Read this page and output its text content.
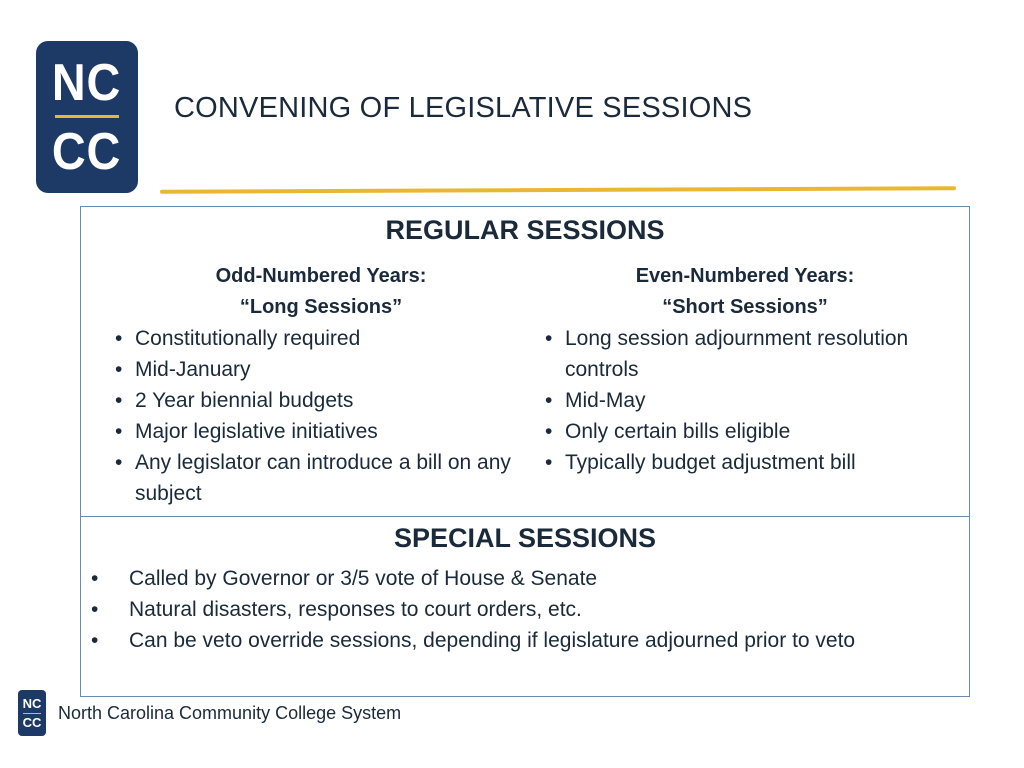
NC
CC
CONVENING OF LEGISLATIVE SESSIONS
REGULAR SESSIONS
Odd-Numbered Years:
“Long Sessions”
• Constitutionally required
• Mid-January
• 2 Year biennial budgets
• Major legislative initiatives
• Any legislator can introduce a bill on any subject
Even-Numbered Years:
“Short Sessions”
• Long session adjournment resolution controls
• Mid-May
• Only certain bills eligible
• Typically budget adjustment bill
SPECIAL SESSIONS
• Called by Governor or 3/5 vote of House & Senate
• Natural disasters, responses to court orders, etc.
• Can be veto override sessions, depending if legislature adjourned prior to veto
NC
CC North Carolina Community College System
